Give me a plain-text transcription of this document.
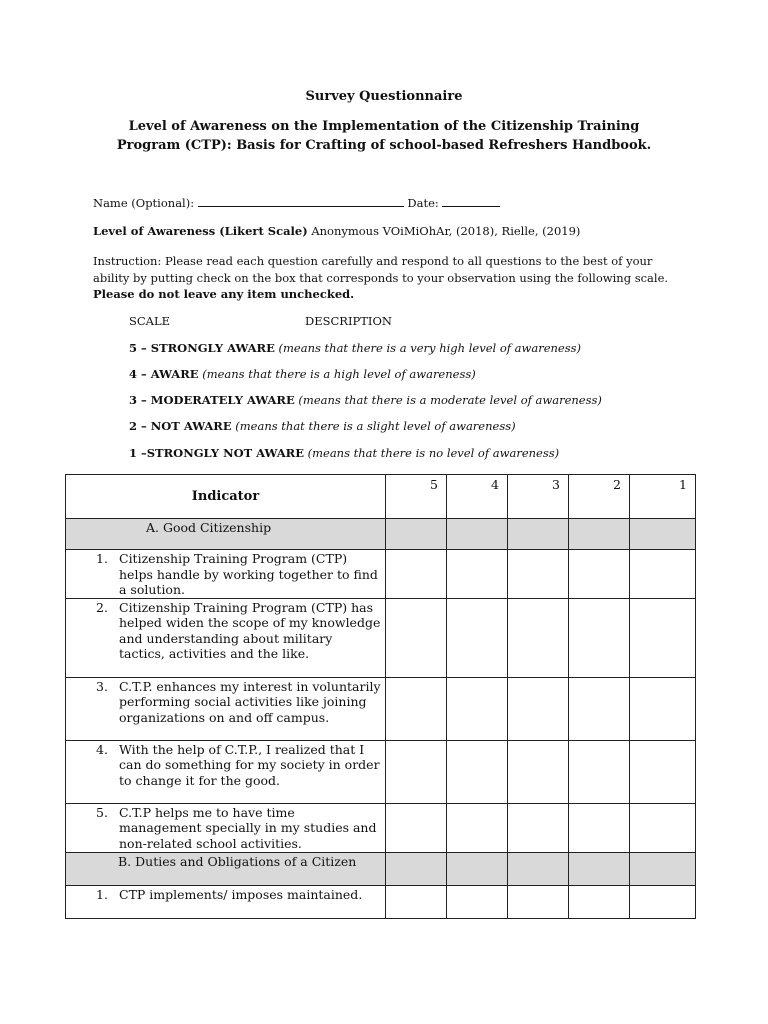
Survey Questionnaire
Level of Awareness on the Implementation of the Citizenship Training
Program (CTP): Basis for Crafting of school-based Refreshers Handbook.
Name (Optional):	Date:
Level of Awareness (Likert Scale) Anonymous VOiMiOhAr, (2018), Rielle, (2019)
Instruction: Please read each question carefully and respond to all questions to the best of your ability by putting check on the box that corresponds to your observation using the following scale. Please do not leave any item unchecked.
SCALE	DESCRIPTION
5 – STRONGLY AWARE (means that there is a very high level of awareness)
4 – AWARE (means that there is a high level of awareness)
3 – MODERATELY AWARE (means that there is a moderate level of awareness)
2 – NOT AWARE (means that there is a slight level of awareness)
1 –STRONGLY NOT AWARE (means that there is no level of awareness)
Indicator	5	4	3	2	1
A. Good Citizenship					

1. Citizenship Training Program (CTP) helps handle by working together to find a solution.					

2. Citizenship Training Program (CTP) has helped widen the scope of my knowledge and understanding about military tactics, activities and the like.					

3. C.T.P. enhances my interest in voluntarily performing social activities like joining organizations on and off campus.					

4. With the help of C.T.P., I realized that I can do something for my society in order to change it for the good.					

5. C.T.P helps me to have time management specially in my studies and non-related school activities.					

B. Duties and Obligations of a Citizen					

1. CTP implements/ imposes maintained.					
